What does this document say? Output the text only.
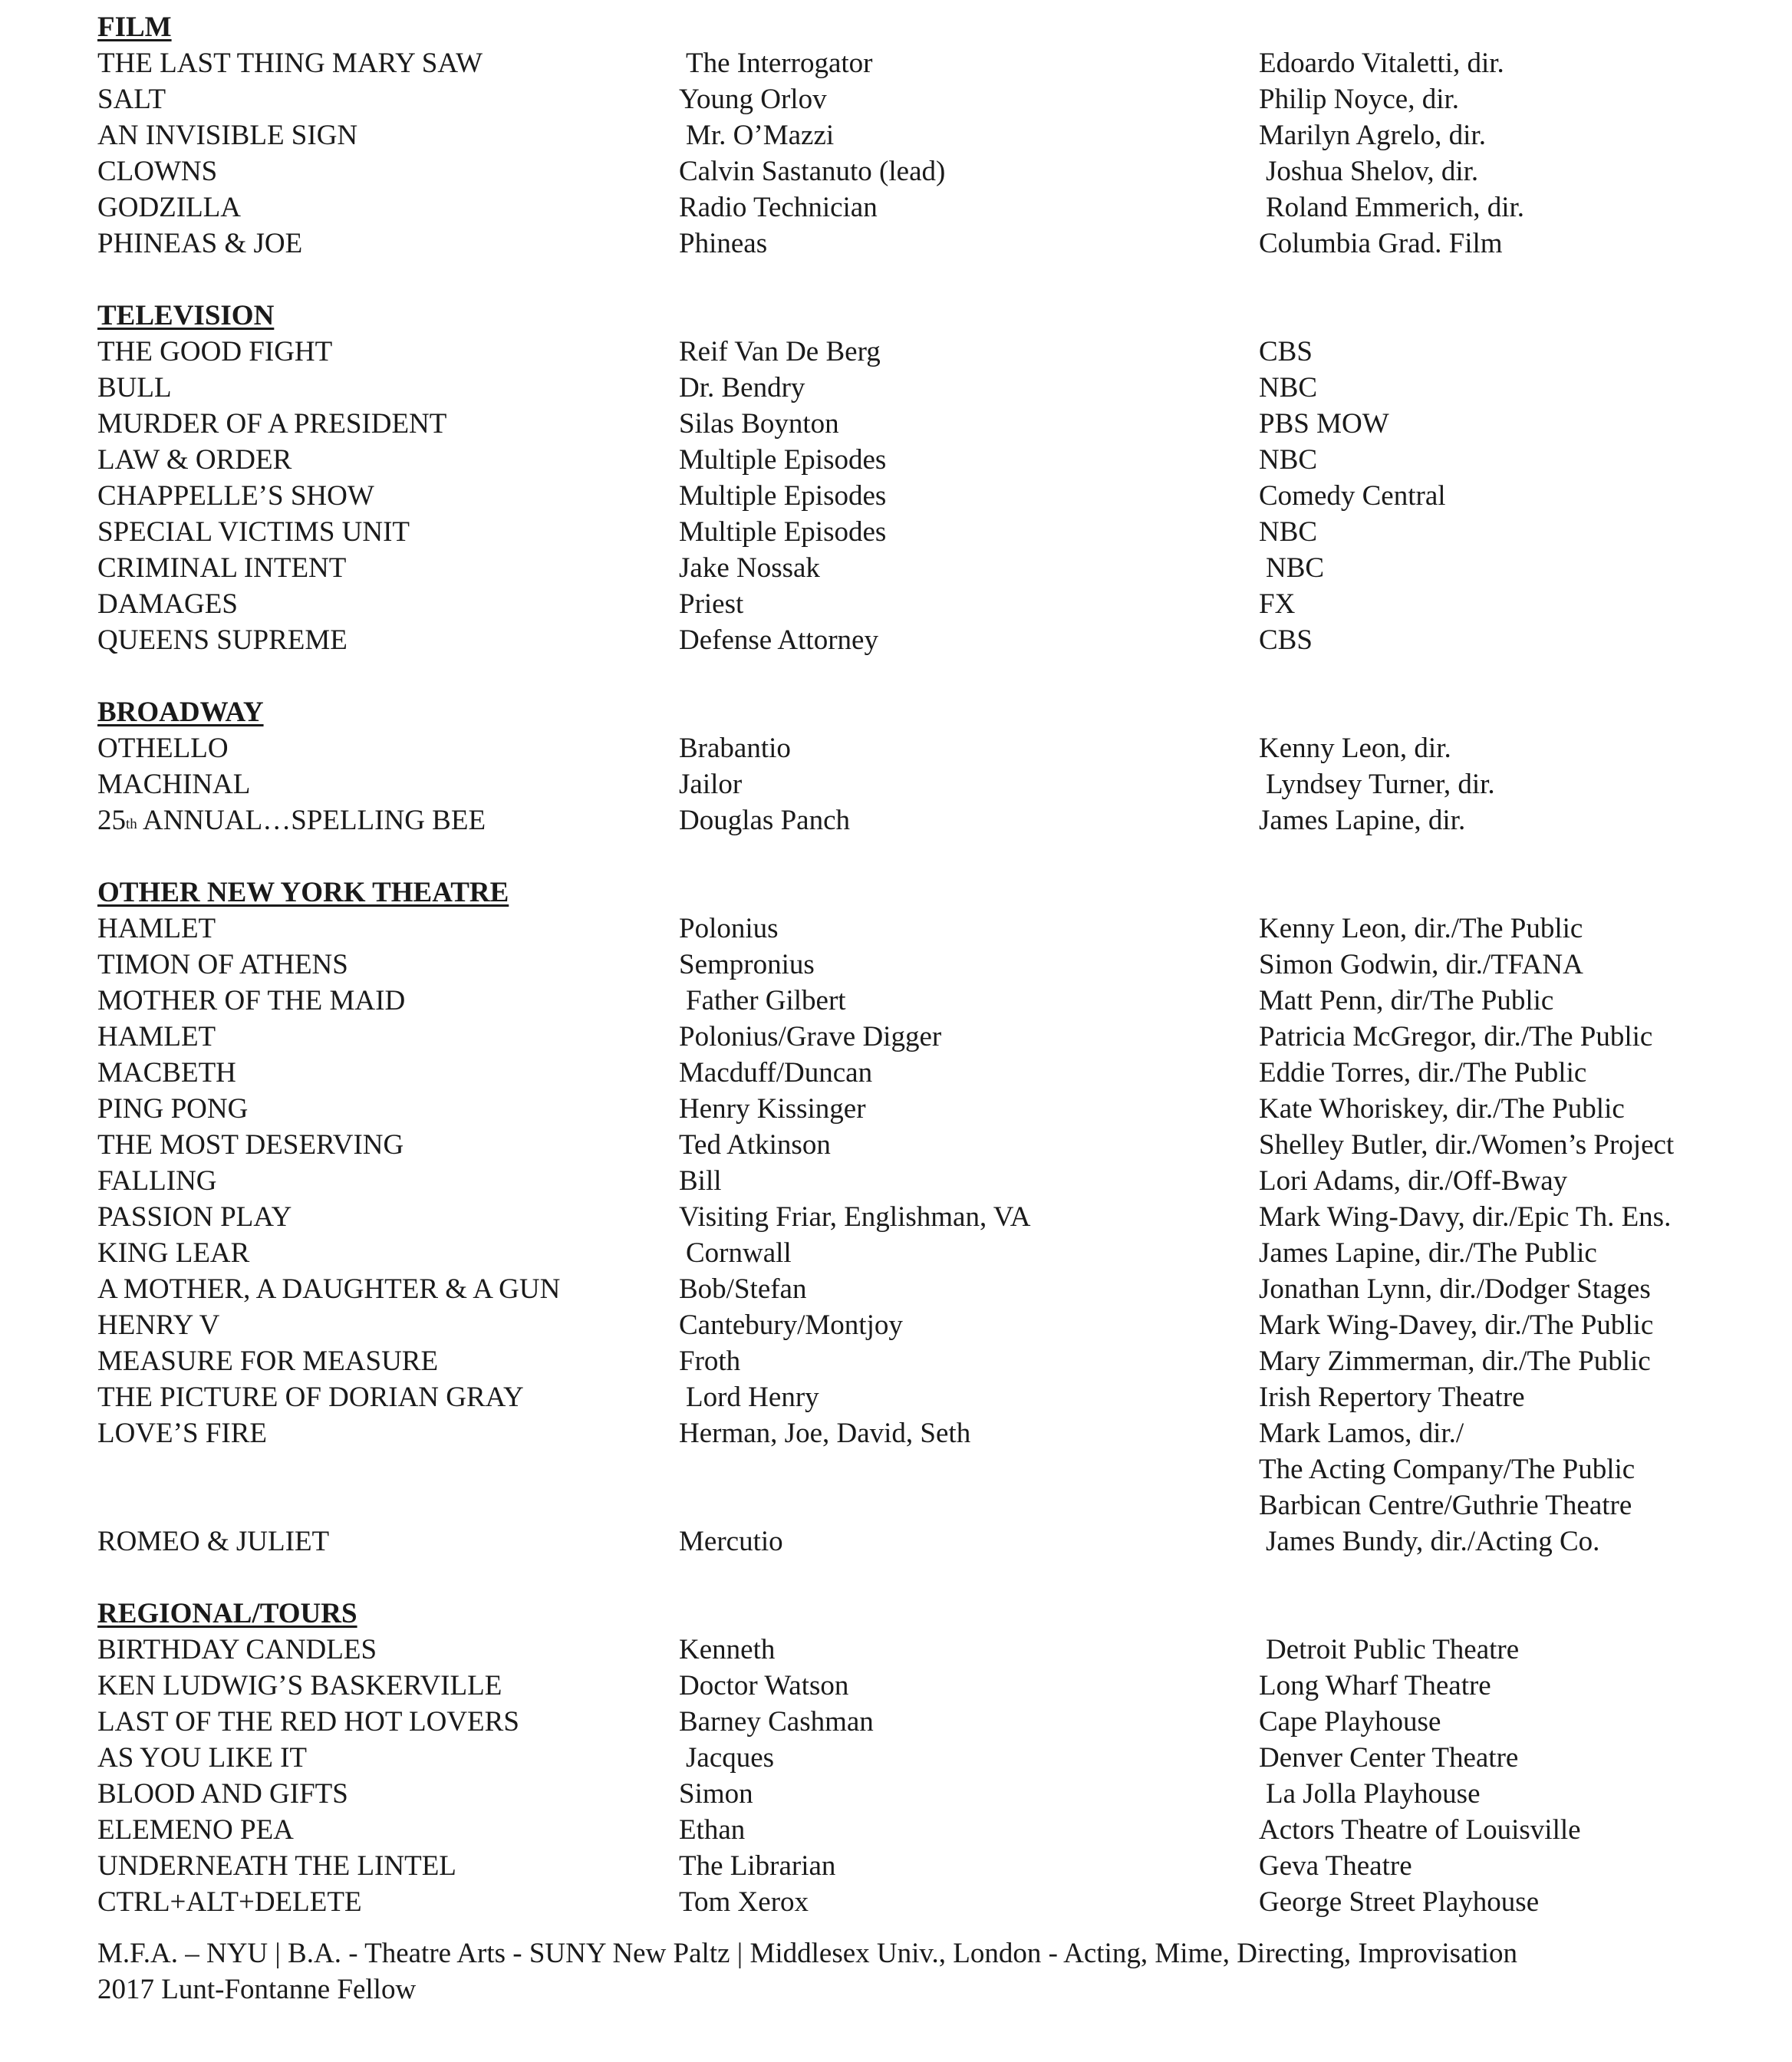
FILM
THE LAST THING MARY SAW	The Interrogator	Edoardo Vitaletti, dir.
SALT	Young Orlov	Philip Noyce, dir.
AN INVISIBLE SIGN	Mr. O’Mazzi	Marilyn Agrelo, dir.
CLOWNS	Calvin Sastanuto (lead)	Joshua Shelov, dir.
GODZILLA	Radio Technician	Roland Emmerich, dir.
PHINEAS & JOE	Phineas	Columbia Grad. Film
TELEVISION
THE GOOD FIGHT	Reif Van De Berg	CBS
BULL	Dr. Bendry	NBC
MURDER OF A PRESIDENT	Silas Boynton	PBS MOW
LAW & ORDER	Multiple Episodes	NBC
CHAPPELLE’S SHOW	Multiple Episodes	Comedy Central
SPECIAL VICTIMS UNIT	Multiple Episodes	NBC
CRIMINAL INTENT	Jake Nossak	NBC
DAMAGES	Priest	FX
QUEENS SUPREME	Defense Attorney	CBS
BROADWAY
OTHELLO	Brabantio	Kenny Leon, dir.
MACHINAL	Jailor	Lyndsey Turner, dir.
25th ANNUAL…SPELLING BEE	Douglas Panch	James Lapine, dir.
OTHER NEW YORK THEATRE
HAMLET	Polonius	Kenny Leon, dir./The Public
TIMON OF ATHENS	Sempronius	Simon Godwin, dir./TFANA
MOTHER OF THE MAID	Father Gilbert	Matt Penn, dir/The Public
HAMLET	Polonius/Grave Digger	Patricia McGregor, dir./The Public
MACBETH	Macduff/Duncan	Eddie Torres, dir./The Public
PING PONG	Henry Kissinger	Kate Whoriskey, dir./The Public
THE MOST DESERVING	Ted Atkinson	Shelley Butler, dir./Women’s Project
FALLING	Bill	Lori Adams, dir./Off-Bway
PASSION PLAY	Visiting Friar, Englishman, VA	Mark Wing-Davy, dir./Epic Th. Ens.
KING LEAR	Cornwall	James Lapine, dir./The Public
A MOTHER, A DAUGHTER & A GUN	Bob/Stefan	Jonathan Lynn, dir./Dodger Stages
HENRY V	Cantebury/Montjoy	Mark Wing-Davey, dir./The Public
MEASURE FOR MEASURE	Froth	Mary Zimmerman, dir./The Public
THE PICTURE OF DORIAN GRAY	Lord Henry	Irish Repertory Theatre
LOVE’S FIRE	Herman, Joe, David, Seth	Mark Lamos, dir./
The Acting Company/The Public
Barbican Centre/Guthrie Theatre
ROMEO & JULIET	Mercutio	James Bundy, dir./Acting Co.
REGIONAL/TOURS
BIRTHDAY CANDLES	Kenneth	Detroit Public Theatre
KEN LUDWIG’S BASKERVILLE	Doctor Watson	Long Wharf Theatre
LAST OF THE RED HOT LOVERS	Barney Cashman	Cape Playhouse
AS YOU LIKE IT	Jacques	Denver Center Theatre
BLOOD AND GIFTS	Simon	La Jolla Playhouse
ELEMENO PEA	Ethan	Actors Theatre of Louisville
UNDERNEATH THE LINTEL	The Librarian	Geva Theatre
CTRL+ALT+DELETE	Tom Xerox	George Street Playhouse
M.F.A. – NYU | B.A. - Theatre Arts - SUNY New Paltz | Middlesex Univ., London - Acting, Mime, Directing, Improvisation
2017 Lunt-Fontanne Fellow
